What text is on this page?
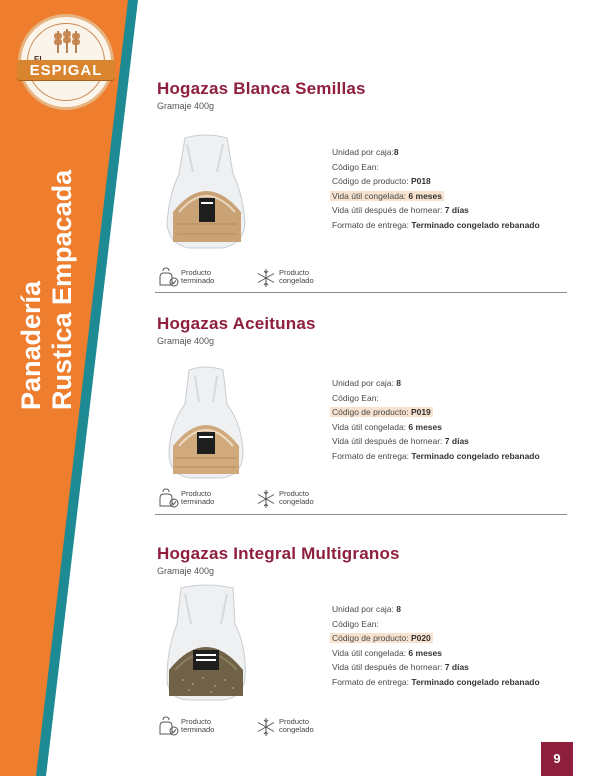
ESPIGAL
Panadería Rustica Empacada
Hogazas Blanca Semillas
Gramaje 400g
Unidad por caja:8
Código Ean:
Código de producto: P018
Vida útil congelada: 6 meses
Vida útil después de hornear: 7 días
Formato de entrega: Terminado congelado rebanado
Producto
terminado
Producto
congelado
Hogazas Aceitunas
Gramaje 400g
Unidad por caja: 8
Código Ean:
Código de producto: P019
Vida útil congelada: 6 meses
Vida útil después de hornear: 7 días
Formato de entrega: Terminado congelado rebanado
Producto
terminado
Producto
congelado
Hogazas Integral Multigranos
Gramaje 400g
Unidad por caja: 8
Código Ean:
Código de producto: P020
Vida útil congelada: 6 meses
Vida útil después de hornear: 7 días
Formato de entrega: Terminado congelado rebanado
Producto
terminado
Producto
congelado
9
